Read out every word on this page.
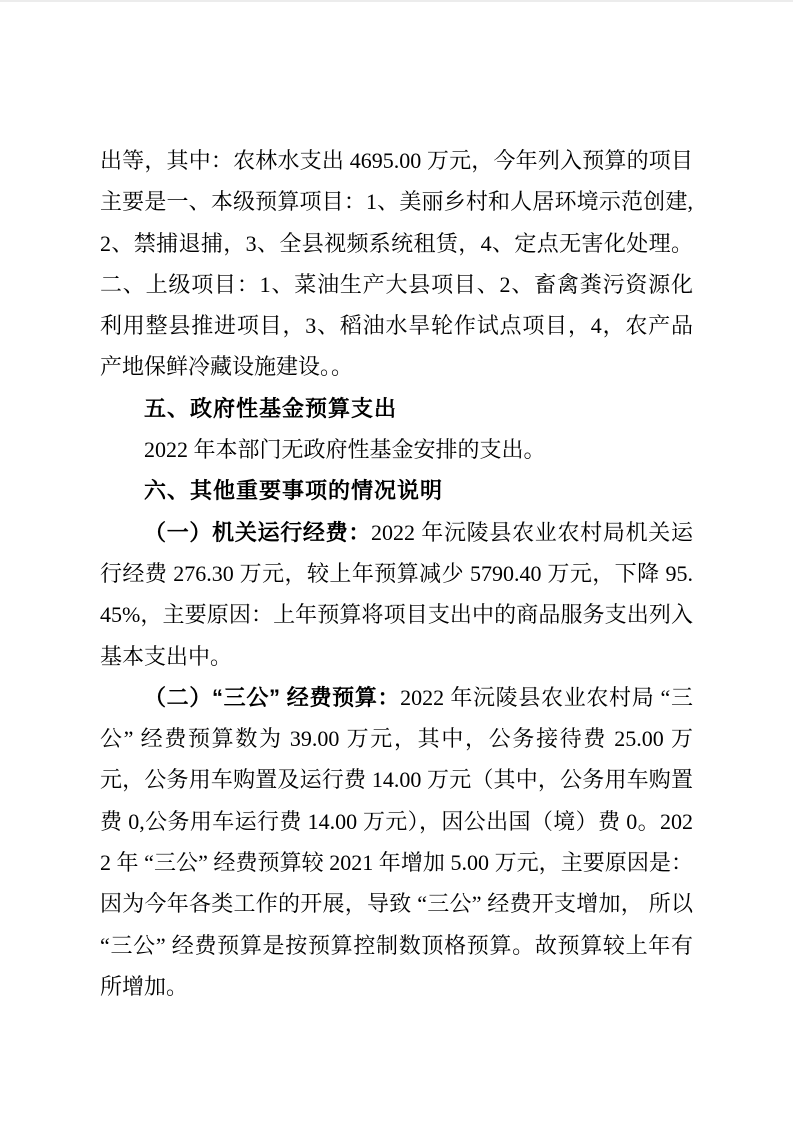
出等，其中：农林水支出 4695.00 万元，今年列入预算的项目主要是一、本级预算项目：1、美丽乡村和人居环境示范创建,2、禁捕退捕，3、全县视频系统租赁，4、定点无害化处理。二、上级项目：1、菜油生产大县项目、2、畜禽粪污资源化利用整县推进项目，3、稻油水旱轮作试点项目，4，农产品产地保鲜冷藏设施建设。。

五、政府性基金预算支出

2022 年本部门无政府性基金安排的支出。

六、其他重要事项的情况说明

（一）机关运行经费：2022 年沅陵县农业农村局机关运行经费 276.30 万元，较上年预算减少 5790.40 万元，下降 95.45%，主要原因：上年预算将项目支出中的商品服务支出列入基本支出中。

（二）“三公” 经费预算：2022 年沅陵县农业农村局 “三公” 经费预算数为 39.00 万元，其中，公务接待费 25.00 万元，公务用车购置及运行费 14.00 万元（其中，公务用车购置费 0,公务用车运行费 14.00 万元），因公出国（境）费 0。2022 年 “三公” 经费预算较 2021 年增加 5.00 万元，主要原因是：因为今年各类工作的开展，导致 “三公” 经费开支增加， 所以 “三公” 经费预算是按预算控制数顶格预算。故预算较上年有所增加。
